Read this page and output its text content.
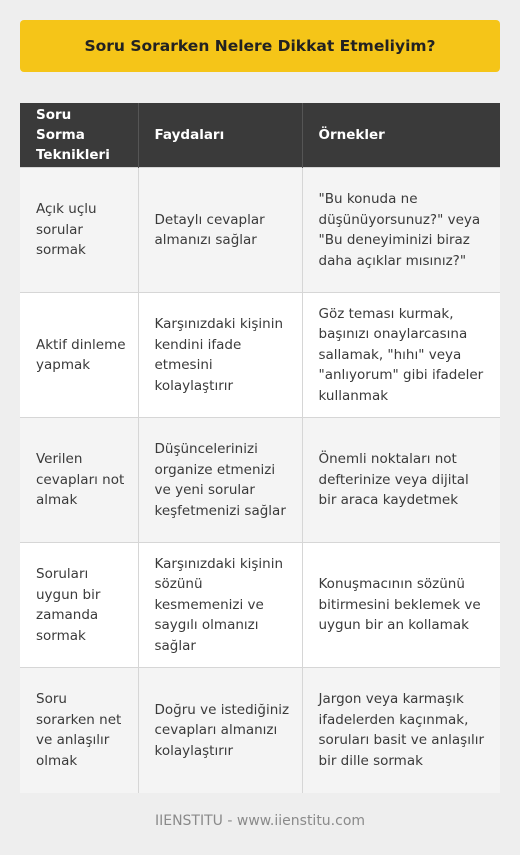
Soru Sorarken Nelere Dikkat Etmeliyim?
Soru Sorma Teknikleri	Faydaları	Örnekler
Açık uçlu sorular sormak	Detaylı cevaplar almanızı sağlar	"Bu konuda ne düşünüyorsunuz?" veya "Bu deneyiminizi biraz daha açıklar mısınız?"
Aktif dinleme yapmak	Karşınızdaki kişinin kendini ifade etmesini kolaylaştırır	Göz teması kurmak, başınızı onaylarcasına sallamak, "hıhı" veya "anlıyorum" gibi ifadeler kullanmak
Verilen cevapları not almak	Düşüncelerinizi organize etmenizi ve yeni sorular keşfetmenizi sağlar	Önemli noktaları not defterinize veya dijital bir araca kaydetmek
Soruları uygun bir zamanda sormak	Karşınızdaki kişinin sözünü kesmemenizi ve saygılı olmanızı sağlar	Konuşmacının sözünü bitirmesini beklemek ve uygun bir an kollamak
Soru sorarken net ve anlaşılır olmak	Doğru ve istediğiniz cevapları almanızı kolaylaştırır	Jargon veya karmaşık ifadelerden kaçınmak, soruları basit ve anlaşılır bir dille sormak
IIENSTITU - www.iienstitu.com
